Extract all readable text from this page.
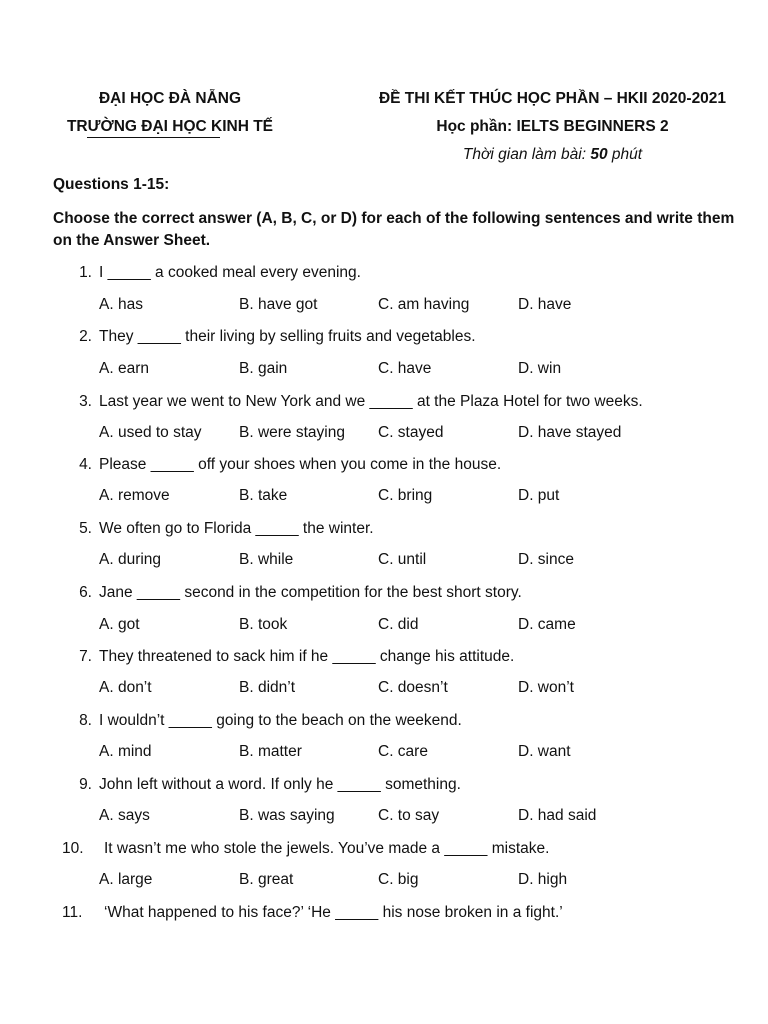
ĐẠI HỌC ĐÀ NẴNG
TRƯỜNG ĐẠI HỌC KINH TẾ
ĐỀ THI KẾT THÚC HỌC PHẦN – HKII 2020-2021
Học phần: IELTS BEGINNERS 2
Thời gian làm bài: 50 phút
Questions 1-15:
Choose the correct answer (A, B, C, or D) for each of the following sentences and write them on the Answer Sheet.
1. I _____ a cooked meal every evening.
A. has	B. have got	C. am having	D. have
2. They _____ their living by selling fruits and vegetables.
A. earn	B. gain	C. have	D. win
3. Last year we went to New York and we _____ at the Plaza Hotel for two weeks.
A. used to stay B. were staying C. stayed	D. have stayed
4. Please _____ off your shoes when you come in the house.
A. remove	B. take	C. bring	D. put
5. We often go to Florida _____ the winter.
A. during	B. while	C. until	D. since
6. Jane _____ second in the competition for the best short story.
A. got	B. took	C. did	D. came
7. They threatened to sack him if he _____ change his attitude.
A. don’t	B. didn’t	C. doesn’t	D. won’t
8. I wouldn’t _____ going to the beach on the weekend.
A. mind	B. matter	C. care	D. want
9. John left without a word. If only he _____ something.
A. says	B. was saying	C. to say	D. had said
10.	It wasn’t me who stole the jewels. You’ve made a _____ mistake.
A. large	B. great	C. big	D. high
11.	‘What happened to his face?’ ‘He _____ his nose broken in a fight.’
